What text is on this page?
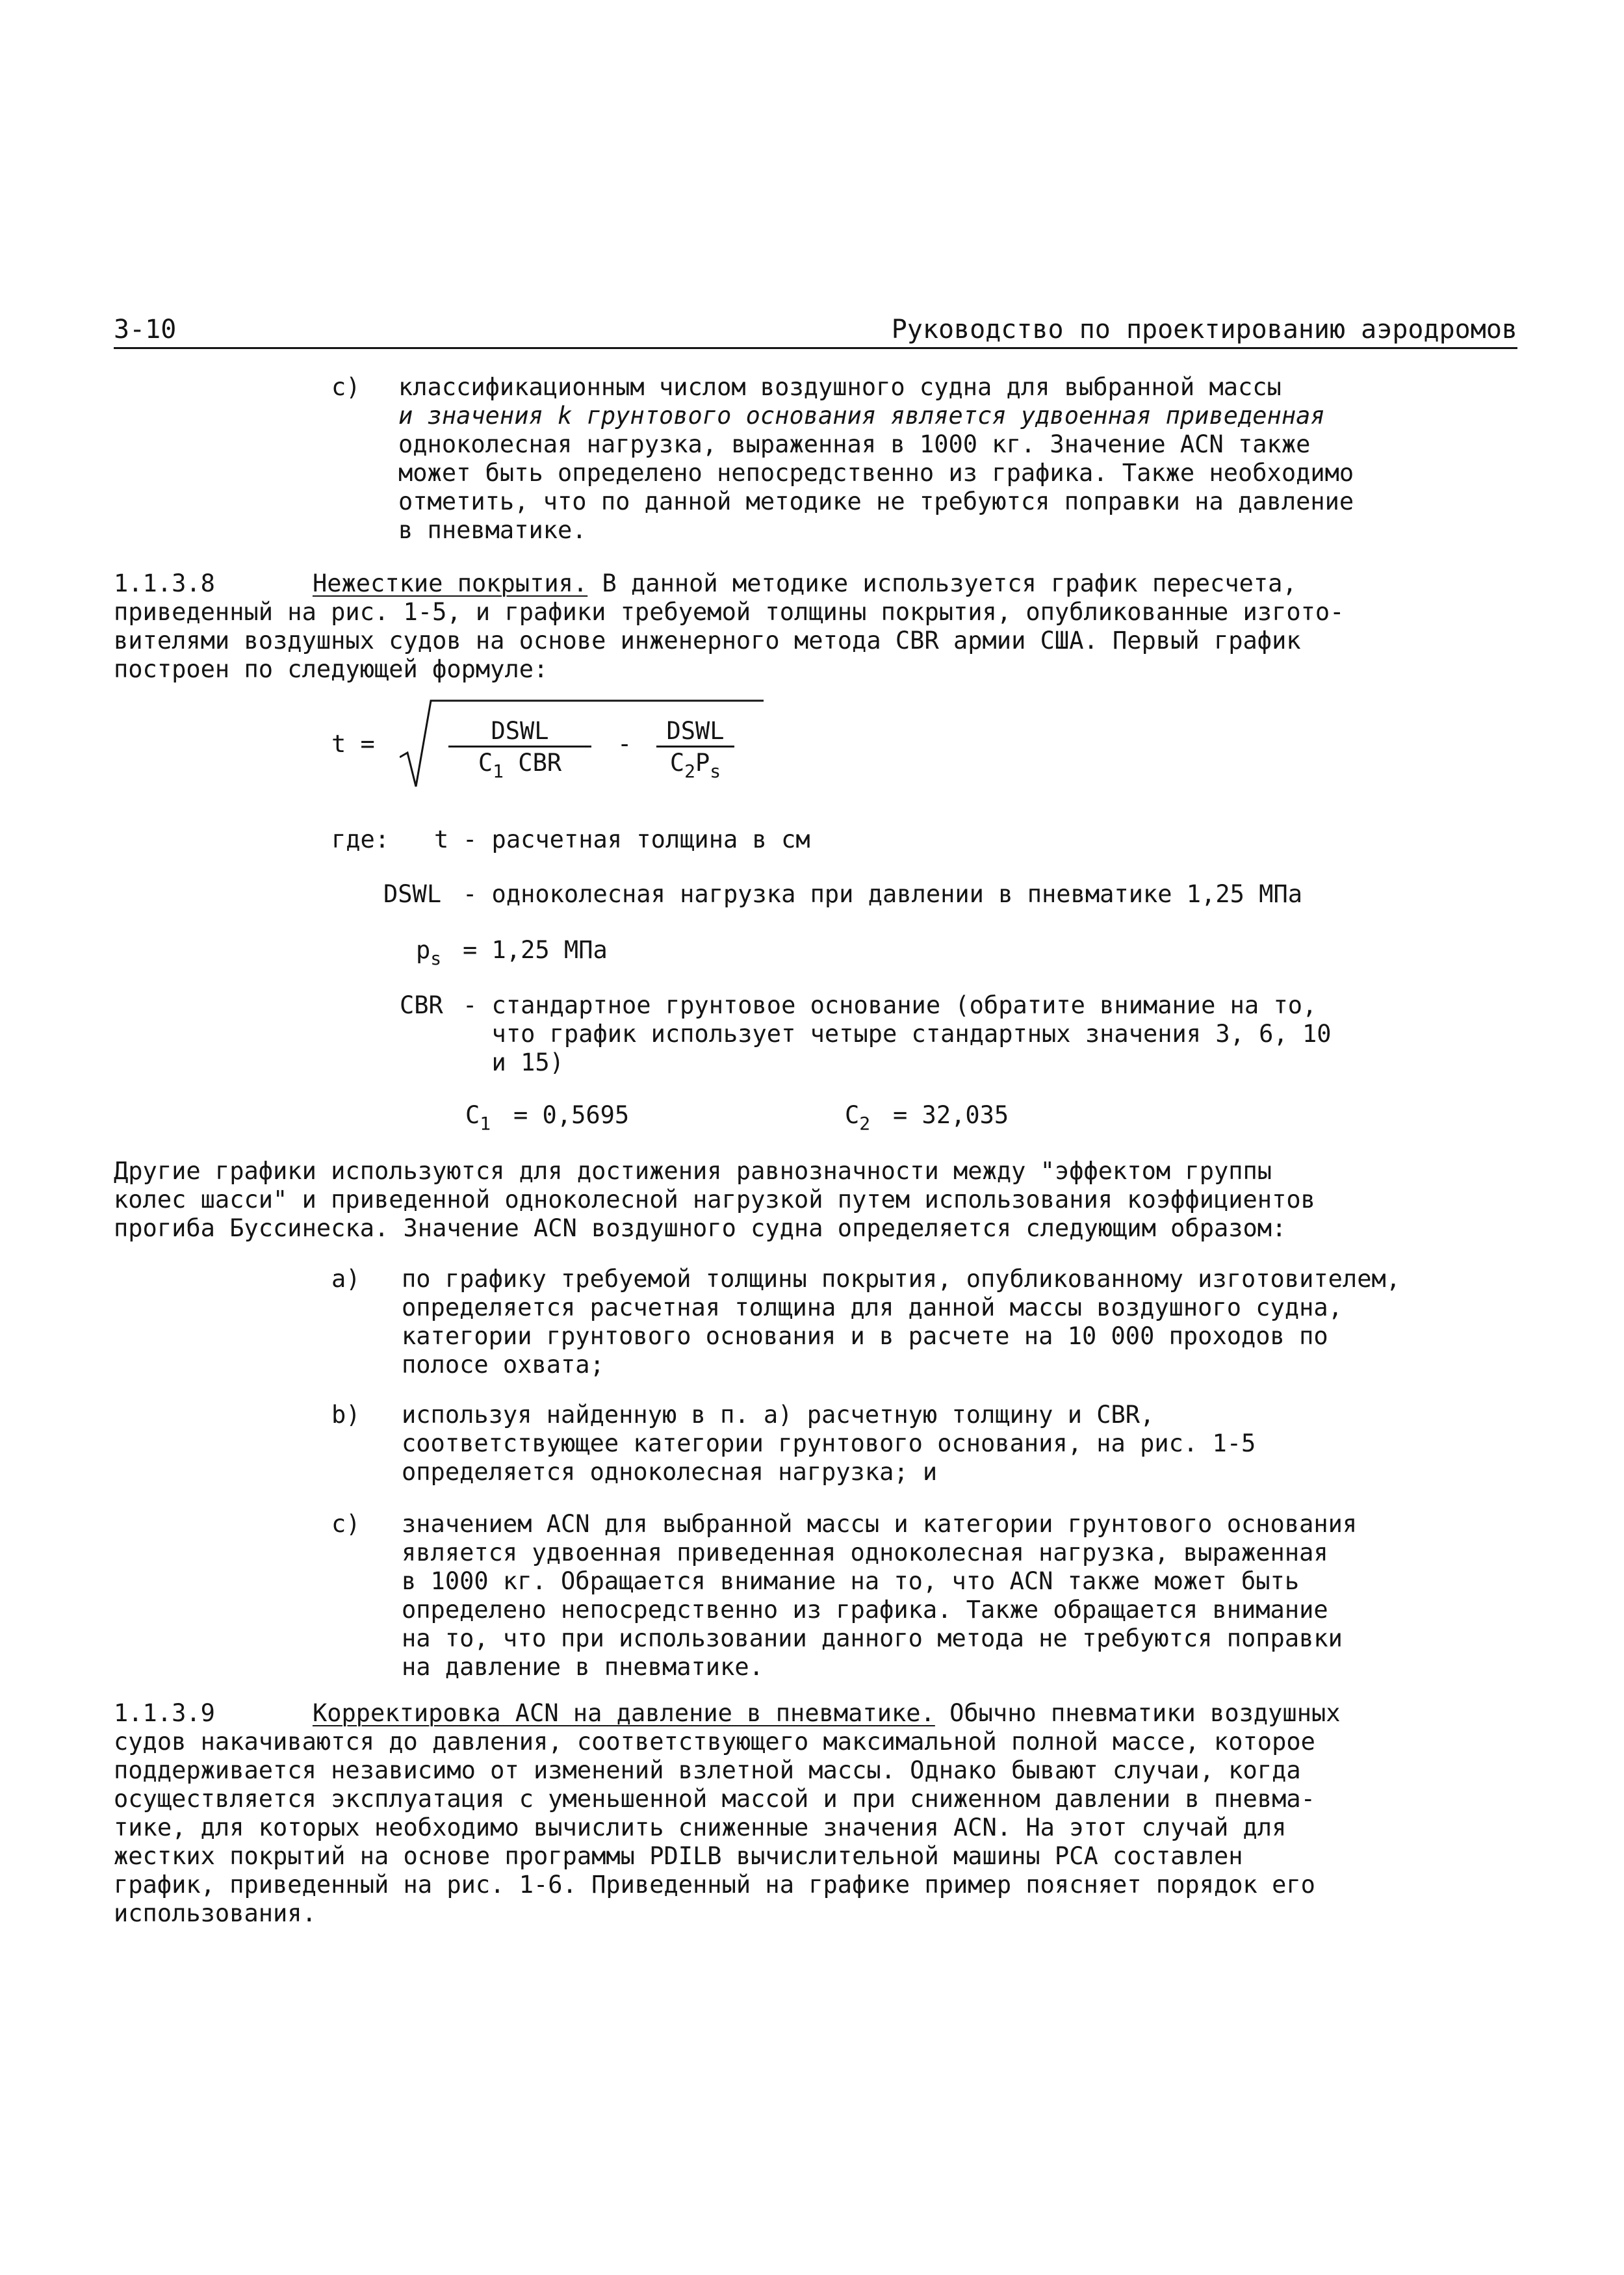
3-10	Руководство по проектированию аэродромов
c) классификационным числом воздушного судна для выбранной массы
и значения k грунтового основания является удвоенная приведенная
одноколесная нагрузка, выраженная в 1000 кг. Значение ACN также
может быть определено непосредственно из графика. Также необходимо
отметить, что по данной методике не требуются поправки на давление
в пневматике.
1.1.3.8	Нежесткие покрытия. В данной методике используется график пересчета,
приведенный на рис. 1-5, и графики требуемой толщины покрытия, опубликованные изгото-
вителями воздушных судов на основе инженерного метода CBR армии США. Первый график
построен по следующей формуле:
t =	DSWL
$C_1$ CBR
-	DSWL
$C_2P_s$
где: t - расчетная толщина в см
DSWL - одноколесная нагрузка при давлении в пневматике 1,25 МПа
$p_s = 1,25$ МПа
CBR - стандартное грунтовое основание (обратите внимание на то,
что график использует четыре стандартных значения 3, 6, 10
и 15)
$C_1 = 0,5695$	$C_2 = 32,035$
Другие графики используются для достижения равнозначности между "эффектом группы
колес шасси" и приведенной одноколесной нагрузкой путем использования коэффициентов
прогиба Буссинеска. Значение ACN воздушного судна определяется следующим образом:
a) по графику требуемой толщины покрытия, опубликованному изготовителем,
определяется расчетная толщина для данной массы воздушного судна,
категории грунтового основания и в расчете на 10 000 проходов по
полосе охвата;
b) используя найденную в п. a) расчетную толщину и CBR,
соответствующее категории грунтового основания, на рис. 1-5
определяется одноколесная нагрузка; и
c) значением ACN для выбранной массы и категории грунтового основания
является удвоенная приведенная одноколесная нагрузка, выраженная
в 1000 кг. Обращается внимание на то, что ACN также может быть
определено непосредственно из графика. Также обращается внимание
на то, что при использовании данного метода не требуются поправки
на давление в пневматике.
1.1.3.9	Корректировка ACN на давление в пневматике. Обычно пневматики воздушных
судов накачиваются до давления, соответствующего максимальной полной массе, которое
поддерживается независимо от изменений взлетной массы. Однако бывают случаи, когда
осуществляется эксплуатация с уменьшенной массой и при сниженном давлении в пневма-
тике, для которых необходимо вычислить сниженные значения ACN. На этот случай для
жестких покрытий на основе программы PDILB вычислительной машины PCA составлен
график, приведенный на рис. 1-6. Приведенный на графике пример поясняет порядок его
использования.
